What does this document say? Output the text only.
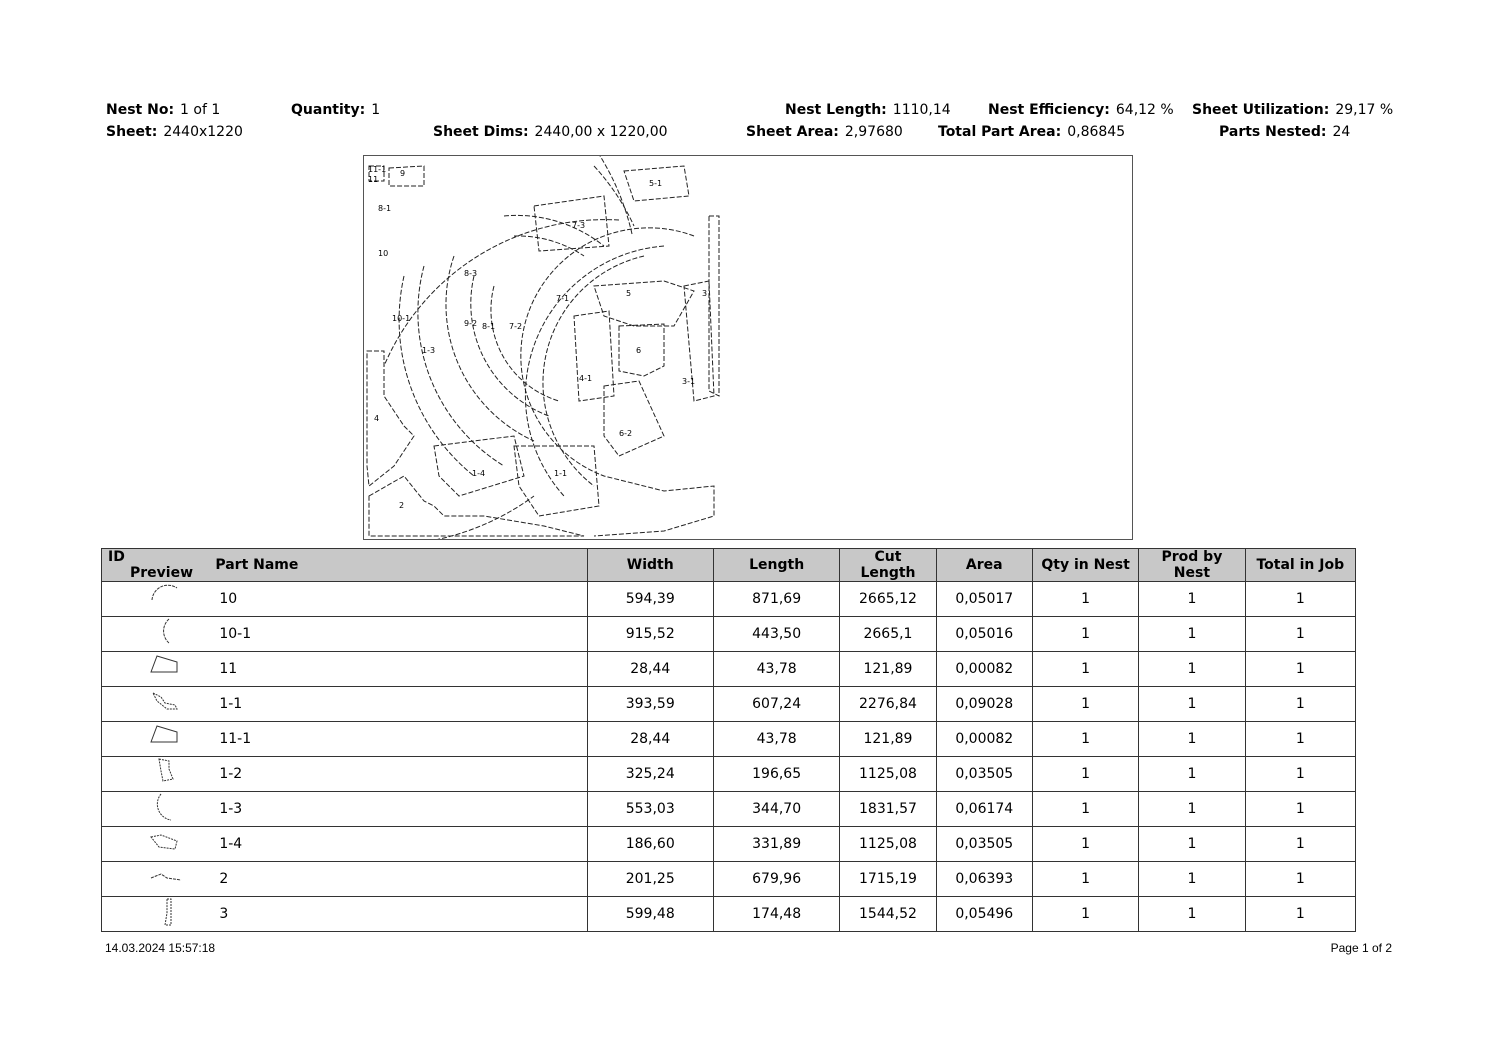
Nest No: 1 of 1	Quantity: 1	Nest Length: 1110,14	Nest Efficiency: 64,12 % Sheet Utilization: 29,17 %
Sheet: 2440x1220	Sheet Dims: 2440,00 x 1220,00	Sheet Area: 2,97680	Total Part Area: 0,86845	Parts Nested: 24
11-1
11
9
5-1
8-1
10
7-3
8-3
10-1
9-2 8-1 7-2
7-1
5	3
1-3	6
4-1	3-1
4
6-2
1-4	1-1
2
ID Preview	Part Name	Width	Length	Cut Length	Area	Qty in Nest	Prod by Nest	Total in Job
	10	594,39	871,69	2665,12	0,05017	1	1	1
	10-1	915,52	443,50	2665,1	0,05016	1	1	1
	11	28,44	43,78	121,89	0,00082	1	1	1
	1-1	393,59	607,24	2276,84	0,09028	1	1	1
	11-1	28,44	43,78	121,89	0,00082	1	1	1
	1-2	325,24	196,65	1125,08	0,03505	1	1	1
	1-3	553,03	344,70	1831,57	0,06174	1	1	1
	1-4	186,60	331,89	1125,08	0,03505	1	1	1
	2	201,25	679,96	1715,19	0,06393	1	1	1
	3	599,48	174,48	1544,52	0,05496	1	1	1
14.03.2024 15:57:18	Page 1 of 2
